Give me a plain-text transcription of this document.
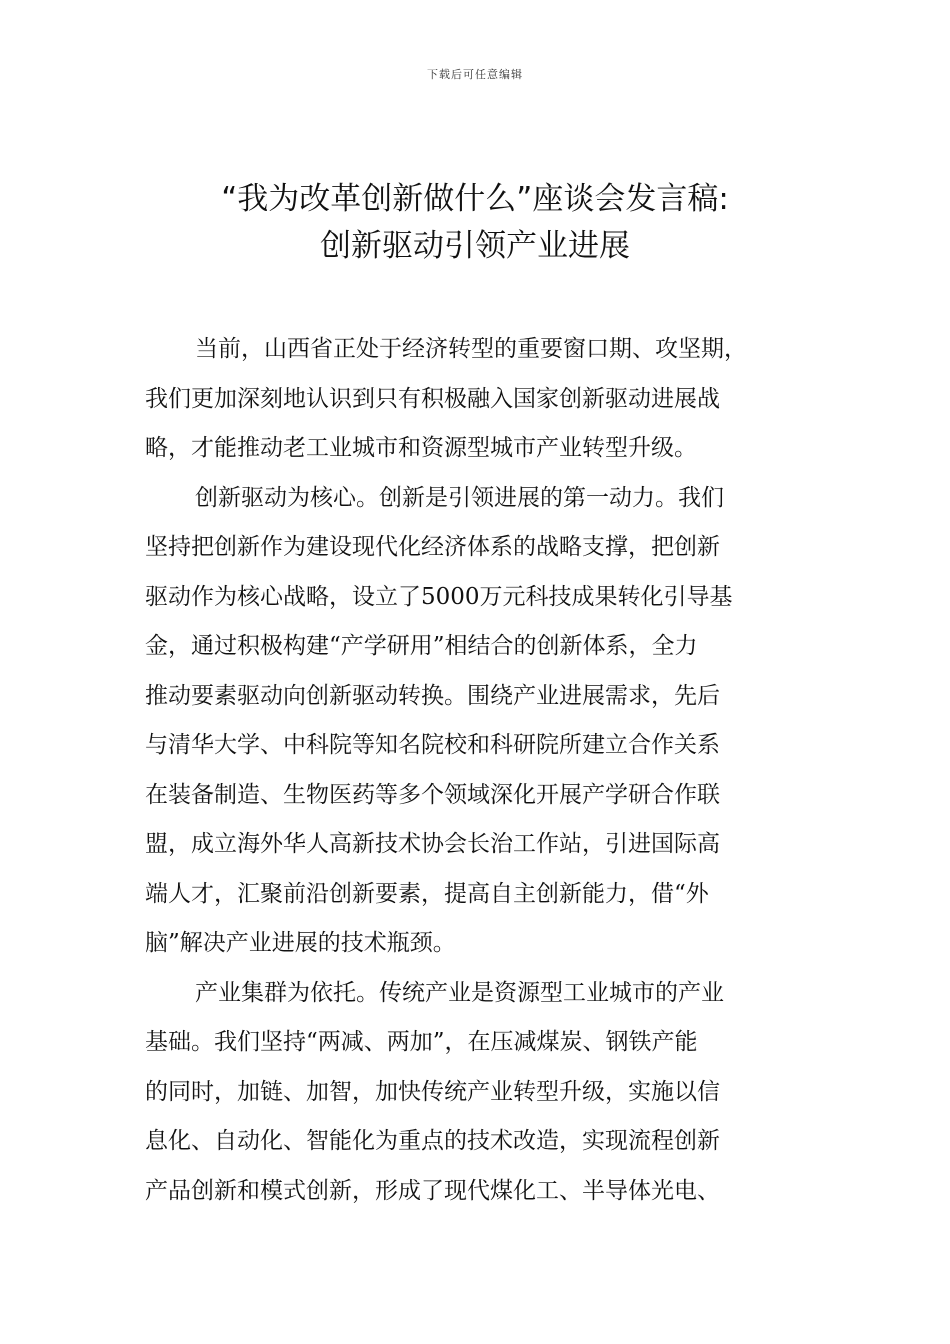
下载后可任意编辑
“我为改革创新做什么”座谈会发言稿:
创新驱动引领产业进展
当前，山西省正处于经济转型的重要窗口期、攻坚期，
我们更加深刻地认识到只有积极融入国家创新驱动进展战
略，才能推动老工业城市和资源型城市产业转型升级。
创新驱动为核心。创新是引领进展的第一动力。我们
坚持把创新作为建设现代化经济体系的战略支撑，把创新
驱动作为核心战略，设立了5000万元科技成果转化引导基
金，通过积极构建“产学研用”相结合的创新体系，全力
推动要素驱动向创新驱动转换。围绕产业进展需求，先后
与清华大学、中科院等知名院校和科研院所建立合作关系
在装备制造、生物医药等多个领域深化开展产学研合作联
盟，成立海外华人高新技术协会长治工作站，引进国际高
端人才，汇聚前沿创新要素，提高自主创新能力，借“外
脑”解决产业进展的技术瓶颈。
产业集群为依托。传统产业是资源型工业城市的产业
基础。我们坚持“两减、两加”，在压减煤炭、钢铁产能
的同时，加链、加智，加快传统产业转型升级，实施以信
息化、自动化、智能化为重点的技术改造，实现流程创新
产品创新和模式创新，形成了现代煤化工、半导体光电、
